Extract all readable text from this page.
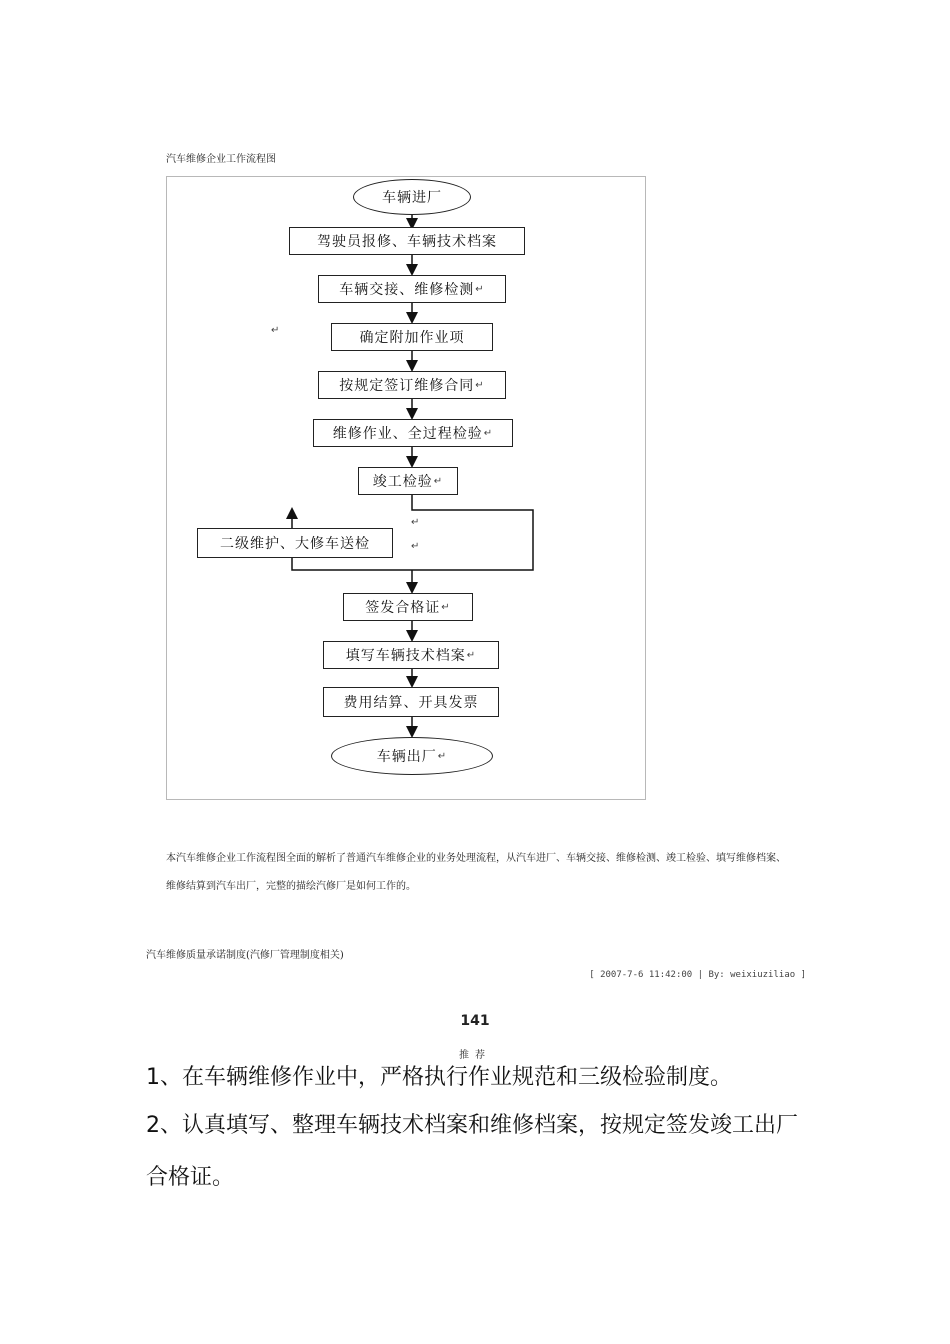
汽车维修企业工作流程图
车辆进厂
驾驶员报修、车辆技术档案
车辆交接、维修检测 ↵
确定附加作业项
按规定签订维修合同 ↵
维修作业、全过程检验 ↵
竣工检验 ↵
二级维护、大修车送检
签发合格证 ↵
填写车辆技术档案 ↵
费用结算、开具发票
车辆出厂 ↵
↵
↵
↵
本汽车维修企业工作流程图全面的解析了普通汽车维修企业的业务处理流程，从汽车进厂、车辆交接、维修检测、竣工检验、填写维修档案、维修结算到汽车出厂，完整的描绘汽修厂是如何工作的。
汽车维修质量承诺制度(汽修厂管理制度相关)
[ 2007-7-6 11:42:00 | By: weixiuziliao ]
141
推荐
1、在车辆维修作业中，严格执行作业规范和三级检验制度。
2、认真填写、整理车辆技术档案和维修档案，按规定签发竣工出厂合格证。
